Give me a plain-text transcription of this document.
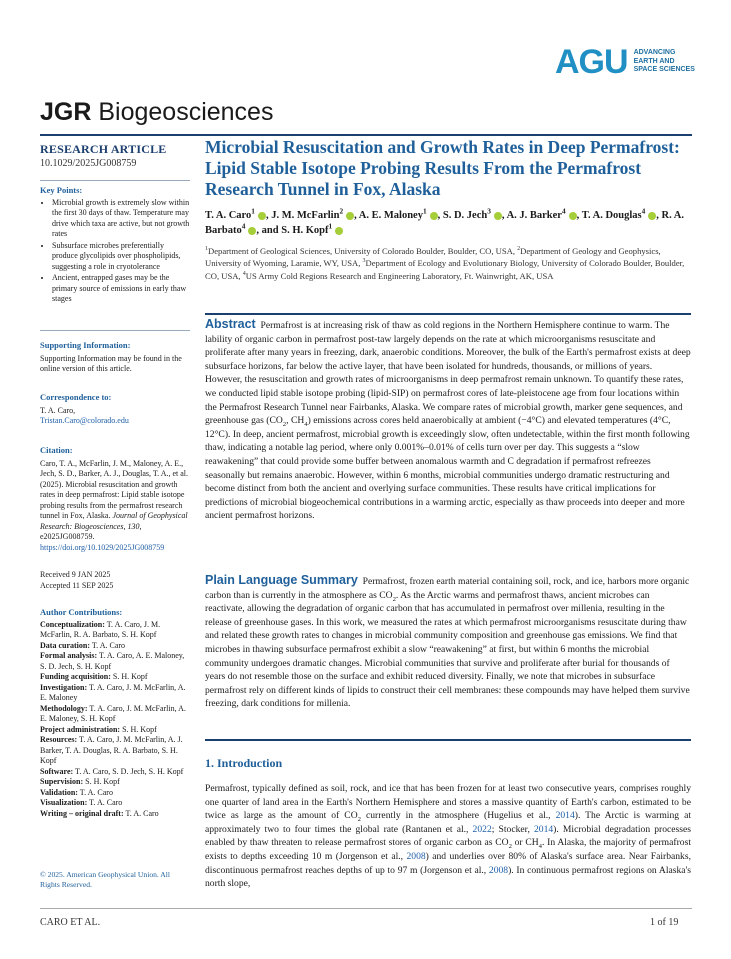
AGU ADVANCING
EARTH AND
SPACE SCIENCES
JGR Biogeosciences
RESEARCH ARTICLE
10.1029/2025JG008759
Key Points:
• Microbial growth is extremely slow within the first 30 days of thaw. Temperature may drive which taxa are active, but not growth rates
• Subsurface microbes preferentially produce glycolipids over phospholipids, suggesting a role in cryotolerance
• Ancient, entrapped gases may be the primary source of emissions in early thaw stages
Supporting Information:
Supporting Information may be found in the online version of this article.
Correspondence to:
T. A. Caro,
Tristan.Caro@colorado.edu
Citation:
Caro, T. A., McFarlin, J. M., Maloney, A. E., Jech, S. D., Barker, A. J., Douglas, T. A., et al. (2025). Microbial resuscitation and growth rates in deep permafrost: Lipid stable isotope probing results from the permafrost research tunnel in Fox, Alaska. Journal of Geophysical Research: Biogeosciences, 130, e2025JG008759. https://doi.org/10.1029/2025JG008759
Received 9 JAN 2025
Accepted 11 SEP 2025
Author Contributions:
Conceptualization: T. A. Caro, J. M. McFarlin, R. A. Barbato, S. H. Kopf
Data curation: T. A. Caro
Formal analysis: T. A. Caro, A. E. Maloney, S. D. Jech, S. H. Kopf
Funding acquisition: S. H. Kopf
Investigation: T. A. Caro, J. M. McFarlin, A. E. Maloney
Methodology: T. A. Caro, J. M. McFarlin, A. E. Maloney, S. H. Kopf
Project administration: S. H. Kopf
Resources: T. A. Caro, J. M. McFarlin, A. J. Barker, T. A. Douglas, R. A. Barbato, S. H. Kopf
Software: T. A. Caro, S. D. Jech, S. H. Kopf
Supervision: S. H. Kopf
Validation: T. A. Caro
Visualization: T. A. Caro
Writing – original draft: T. A. Caro
© 2025. American Geophysical Union. All Rights Reserved.
Microbial Resuscitation and Growth Rates in Deep Permafrost: Lipid Stable Isotope Probing Results From the Permafrost Research Tunnel in Fox, Alaska
T. A. Caro$^1$ , J. M. McFarlin$^2$ , A. E. Maloney$^1$ , S. D. Jech$^3$ , A. J. Barker$^4$ , T. A. Douglas$^4$ , R. A. Barbato$^4$ , and S. H. Kopf$^1$
$^1$Department of Geological Sciences, University of Colorado Boulder, Boulder, CO, USA, $^2$Department of Geology and Geophysics, University of Wyoming, Laramie, WY, USA, $^3$Department of Ecology and Evolutionary Biology, University of Colorado Boulder, Boulder, CO, USA, $^4$US Army Cold Regions Research and Engineering Laboratory, Ft. Wainwright, AK, USA
Abstract Permafrost is at increasing risk of thaw as cold regions in the Northern Hemisphere continue to warm. The lability of organic carbon in permafrost post-taw largely depends on the rate at which microorganisms resuscitate and proliferate after many years in freezing, dark, anaerobic conditions. Moreover, the bulk of the Earth's permafrost exists at deep subsurface horizons, far below the active layer, that have been isolated for hundreds, thousands, or millions of years. However, the resuscitation and growth rates of microorganisms in deep permafrost remain unknown. To quantify these rates, we conducted lipid stable isotope probing (lipid-SIP) on permafrost cores of late-pleistocene age from four locations within the Permafrost Research Tunnel near Fairbanks, Alaska. We compare rates of microbial growth, marker gene sequences, and greenhouse gas ($CO_2$, $CH_4$) emissions across cores held anaerobically at ambient (−4°C) and elevated temperatures (4°C, 12°C). In deep, ancient permafrost, microbial growth is exceedingly slow, often undetectable, within the first month following thaw, indicating a notable lag period, where only 0.001%–0.01% of cells turn over per day. This suggests a “slow reawakening” that could provide some buffer between anomalous warmth and C degradation if permafrost refreezes seasonally but remains anaerobic. However, within 6 months, microbial communities undergo dramatic restructuring and become distinct from both the ancient and overlying surface communities. These results have critical implications for predictions of microbial biogeochemical contributions in a warming arctic, especially as thaw proceeds into deeper and more ancient permafrost horizons.
Plain Language Summary Permafrost, frozen earth material containing soil, rock, and ice, harbors more organic carbon than is currently in the atmosphere as $CO_2$. As the Arctic warms and permafrost thaws, ancient microbes can reactivate, allowing the degradation of organic carbon that has accumulated in permafrost over millenia, resulting in the release of greenhouse gases. In this work, we measured the rates at which permafrost microorganisms resuscitate during thaw and related these growth rates to changes in microbial community composition and greenhouse gas emissions. We find that microbes in thawing subsurface permafrost exhibit a slow “reawakening” at first, but within 6 months the microbial community undergoes dramatic changes. Microbial communities that survive and proliferate after burial for thousands of years do not resemble those on the surface and exhibit reduced diversity. Finally, we note that microbes in subsurface permafrost rely on different kinds of lipids to construct their cell membranes: these compounds may have helped them survive freezing, dark conditions for millenia.
1. Introduction
Permafrost, typically defined as soil, rock, and ice that has been frozen for at least two consecutive years, comprises roughly one quarter of land area in the Earth's Northern Hemisphere and stores a massive quantity of Earth's carbon, estimated to be twice as large as the amount of $CO_2$ currently in the atmosphere (Hugelius et al., 2014). The Arctic is warming at approximately two to four times the global rate (Rantanen et al., 2022; Stocker, 2014). Microbial degradation processes enabled by thaw threaten to release permafrost stores of organic carbon as $CO_2$ or $CH_4$. In Alaska, the majority of permafrost exists to depths exceeding 10 m (Jorgenson et al., 2008) and underlies over 80% of Alaska's surface area. Near Fairbanks, discontinuous permafrost reaches depths of up to 97 m (Jorgenson et al., 2008). In continuous permafrost regions on Alaska's north slope,
CARO ET AL.	1 of 19
